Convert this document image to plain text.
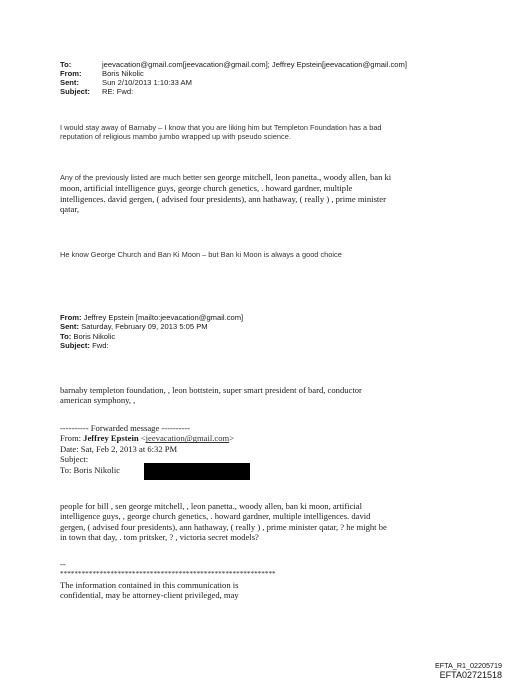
To:	jeevacation@gmail.com[jeevacation@gmail.com]; Jeffrey Epstein[jeevacation@gmail.com]
From:	Boris Nikolic
Sent:	Sun 2/10/2013 1:10:33 AM
Subject: RE: Fwd:
I would stay away of Barnaby – I know that you are liking him but Templeton Foundation has a bad
reputation of religious mambo jumbo wrapped up with pseudo science.
Any of the previously listed are much better sen george mitchell, leon panetta., woody allen, ban ki
moon, artificial intelligence guys, george church genetics, . howard gardner, multiple
intelligences. david gergen, ( advised four presidents), ann hathaway, ( really ) , prime minister
qatar,
He know George Church and Ban Ki Moon – but Ban ki Moon is always a good choice
From: Jeffrey Epstein [mailto:jeevacation@gmail.com]
Sent: Saturday, February 09, 2013 5:05 PM
To: Boris Nikolic
Subject: Fwd:
barnaby templeton foundation, , leon bottstein, super smart president of bard, conductor
american symphony, ,
---------- Forwarded message ----------
From: Jeffrey Epstein <jeevacation@gmail.com>
Date: Sat, Feb 2, 2013 at 6:32 PM
Subject:
To: Boris Nikolic
people for bill , sen george mitchell, , leon panetta., woody allen, ban ki moon, artificial
intelligence guys, , george church genetics, . howard gardner, multiple intelligences. david
gergen, ( advised four presidents), ann hathaway, ( really ) , prime minister qatar, ? he might be
in town that day, . tom pritsker, ? , victoria secret models?
--
************************************************************
The information contained in this communication is
confidential, may be attorney-client privileged, may
EFTA_R1_02205719
EFTA02721518
